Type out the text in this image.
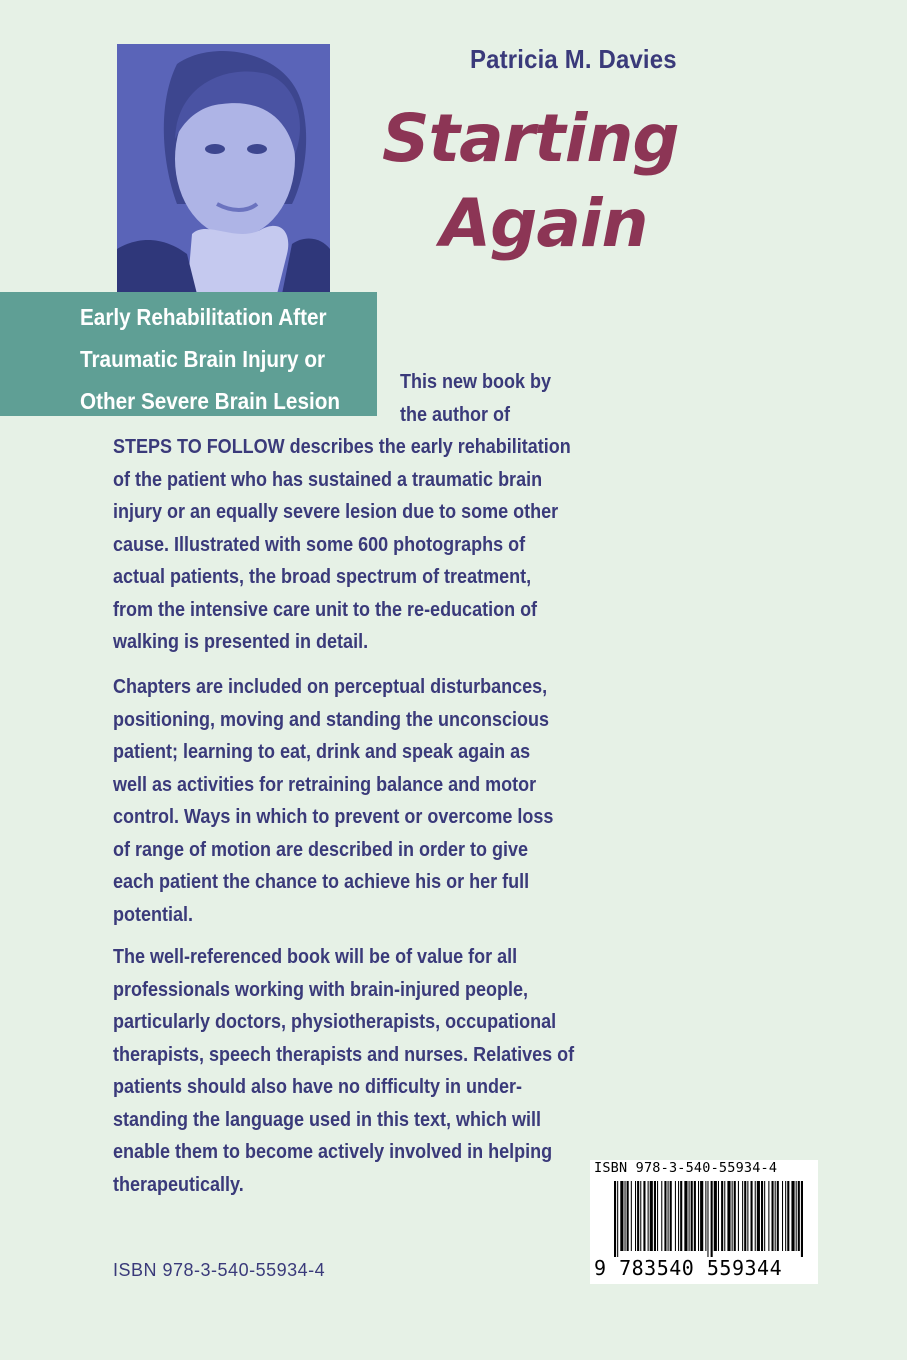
Patricia M. Davies
Starting
Again
Early Rehabilitation After
Traumatic Brain Injury or
Other Severe Brain Lesion
This new book by
the author of
STEPS TO FOLLOW describes the early rehabilitation
of the patient who has sustained a traumatic brain
injury or an equally severe lesion due to some other
cause. Illustrated with some 600 photographs of
actual patients, the broad spectrum of treatment,
from the intensive care unit to the re-education of
walking is presented in detail.
Chapters are included on perceptual disturbances,
positioning, moving and standing the unconscious
patient; learning to eat, drink and speak again as
well as activities for retraining balance and motor
control. Ways in which to prevent or overcome loss
of range of motion are described in order to give
each patient the chance to achieve his or her full
potential.
The well-referenced book will be of value for all
professionals working with brain-injured people,
particularly doctors, physiotherapists, occupational
therapists, speech therapists and nurses. Relatives of
patients should also have no difficulty in under-
standing the language used in this text, which will
enable them to become actively involved in helping
therapeutically.
ISBN 978-3-540-55934-4
ISBN 978-3-540-55934-4
9 783540 559344
